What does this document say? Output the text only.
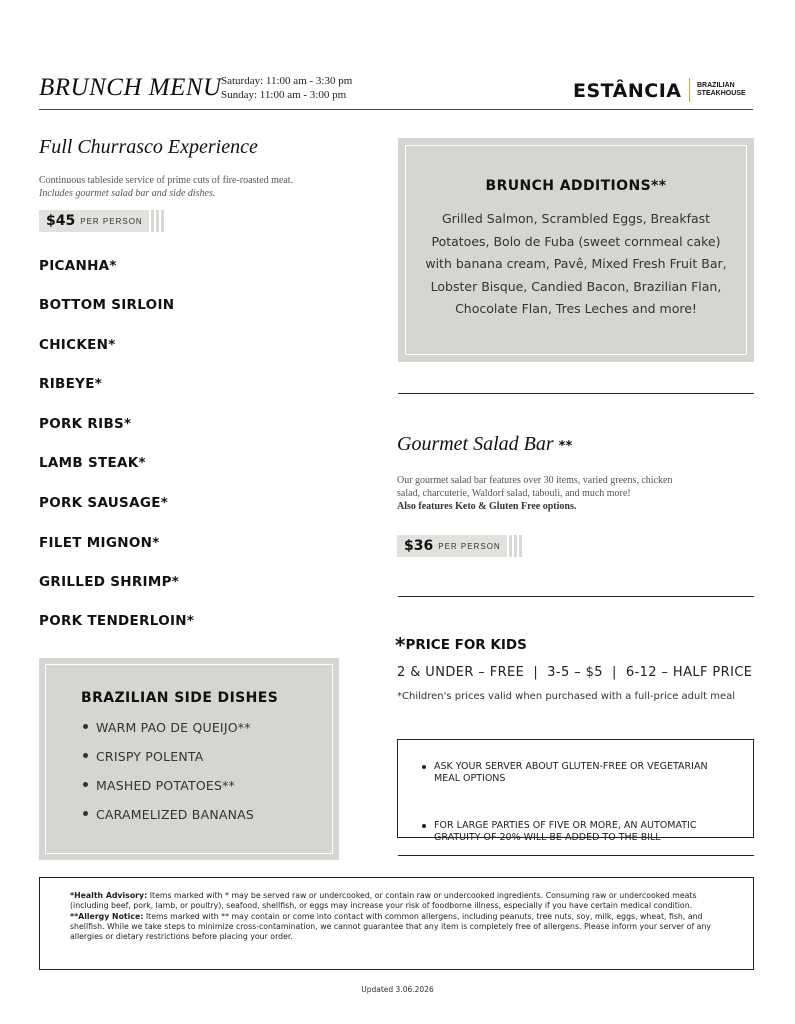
BRUNCH MENU Saturday: 11:00 am - 3:30 pm
Sunday: 11:00 am - 3:00 pm	ESTÂNCIA BRAZILIAN
STEAKHOUSE
Full Churrasco Experience
Continuous tableside service of prime cuts of fire-roasted meat.
Includes gourmet salad bar and side dishes.
$45 PER PERSON
PICANHA*
BOTTOM SIRLOIN
CHICKEN*
RIBEYE*
PORK RIBS*
LAMB STEAK*
PORK SAUSAGE*
FILET MIGNON*
GRILLED SHRIMP*
PORK TENDERLOIN*
BRAZILIAN SIDE DISHES
WARM PAO DE QUEIJO**
CRISPY POLENTA
MASHED POTATOES**
CARAMELIZED BANANAS
BRUNCH ADDITIONS**
Grilled Salmon, Scrambled Eggs, Breakfast
Potatoes, Bolo de Fuba (sweet cornmeal cake)
with banana cream, Pavê, Mixed Fresh Fruit Bar,
Lobster Bisque, Candied Bacon, Brazilian Flan,
Chocolate Flan, Tres Leches and more!
Gourmet Salad Bar **
Our gourmet salad bar features over 30 items, varied greens, chicken
salad, charcuterie, Waldorf salad, tabouli, and much more!
Also features Keto & Gluten Free options.
$36 PER PERSON
*PRICE FOR KIDS
2 & UNDER – FREE  |  3-5 – $5  |  6-12 – HALF PRICE
*Children's prices valid when purchased with a full-price adult meal
ASK YOUR SERVER ABOUT GLUTEN-FREE OR VEGETARIAN MEAL OPTIONS
FOR LARGE PARTIES OF FIVE OR MORE, AN AUTOMATIC GRATUITY OF 20% WILL BE ADDED TO THE BILL

*Health Advisory: Items marked with * may be served raw or undercooked, or contain raw or undercooked ingredients. Consuming raw or undercooked meats (including beef, pork, lamb, or poultry), seafood, shellfish, or eggs may increase your risk of foodborne illness, especially if you have certain medical condition.

**Allergy Notice: Items marked with ** may contain or come into contact with common allergens, including peanuts, tree nuts, soy, milk, eggs, wheat, fish, and shellfish. While we take steps to minimize cross-contamination, we cannot guarantee that any item is completely free of allergens. Please inform your server of any allergies or dietary restrictions before placing your order.

Updated 3.06.2026
